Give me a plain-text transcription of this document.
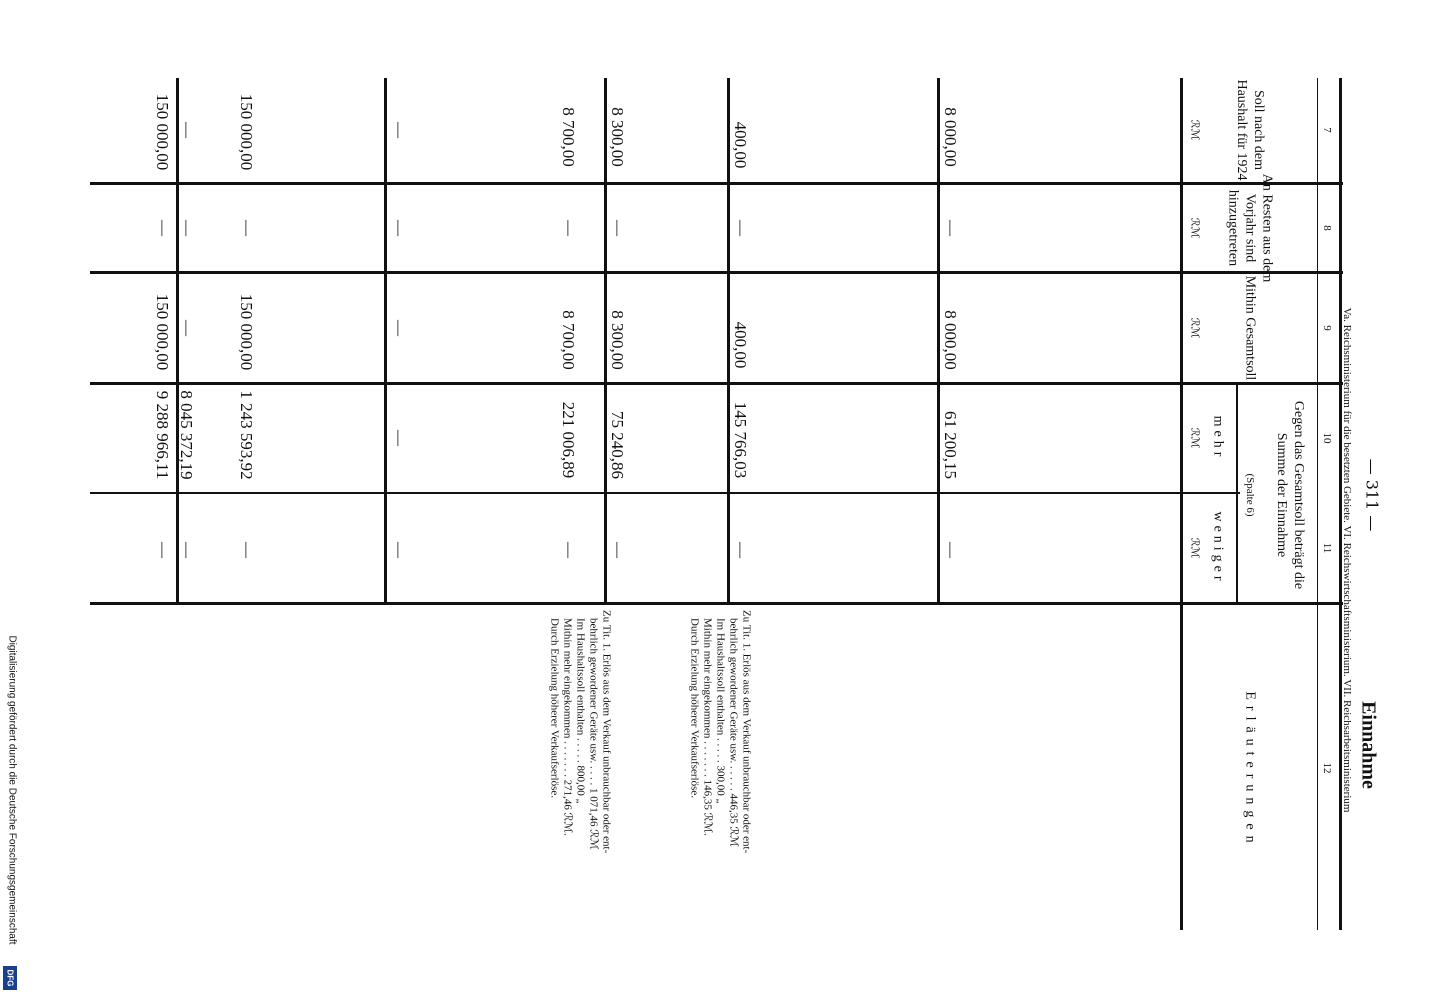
— 311 —
Einnahme
Va. Reichsministerium für die besetzten Gebiete. VI. Reichswirtschaftsministerium. VII. Reichsarbeitsministerium
7
8
9
10
11
12
Soll nach dem Haushalt für 1924
ℛℳ
An Resten aus dem Vorjahr sind hinzugetreten
ℛℳ
Mithin Gesamtsoll
ℛℳ
Gegen das Gesamtsoll beträgt die Summe der Einnahme
(Spalte 6)
mehr
ℛℳ
weniger
ℛℳ
Erläuterungen
8 000,00
—
8 000,00
61 200,15
—
400,00
—
400,00
145 766,03
—
8 300,00
—
8 300,00
75 240,86
—
8 700,00
—
8 700,00
221 006,89
—
—
—
—
—
—
150 000,00
—
150 000,00
1 243 593,92
—
—
—
—
8 045 372,19
—
150 000,00
—
150 000,00
9 288 966,11
—
Zu Tit. 1. Erlös aus dem Verkauf unbrauchbar oder ent-
behrlich gewordener Geräte usw. . . . . . 446,35 ℛℳ
Im Haushaltssoll enthalten . . . . . 300,00 „
Mithin mehr eingekommen . . . . . . . 146,35 ℛℳ.
Durch Erzielung höherer Verkaufserlöse.
Zu Tit. 1. Erlös aus dem Verkauf unbrauchbar oder ent-
behrlich gewordener Geräte usw. . . . . 1 071,46 ℛℳ
Im Haushaltssoll enthalten . . . . . 800,00 „
Mithin mehr eingekommen . . . . . . . 271,46 ℛℳ.
Durch Erzielung höherer Verkaufserlöse.
Digitalisierung gefördert durch die Deutsche Forschungsgemeinschaft
DFG
